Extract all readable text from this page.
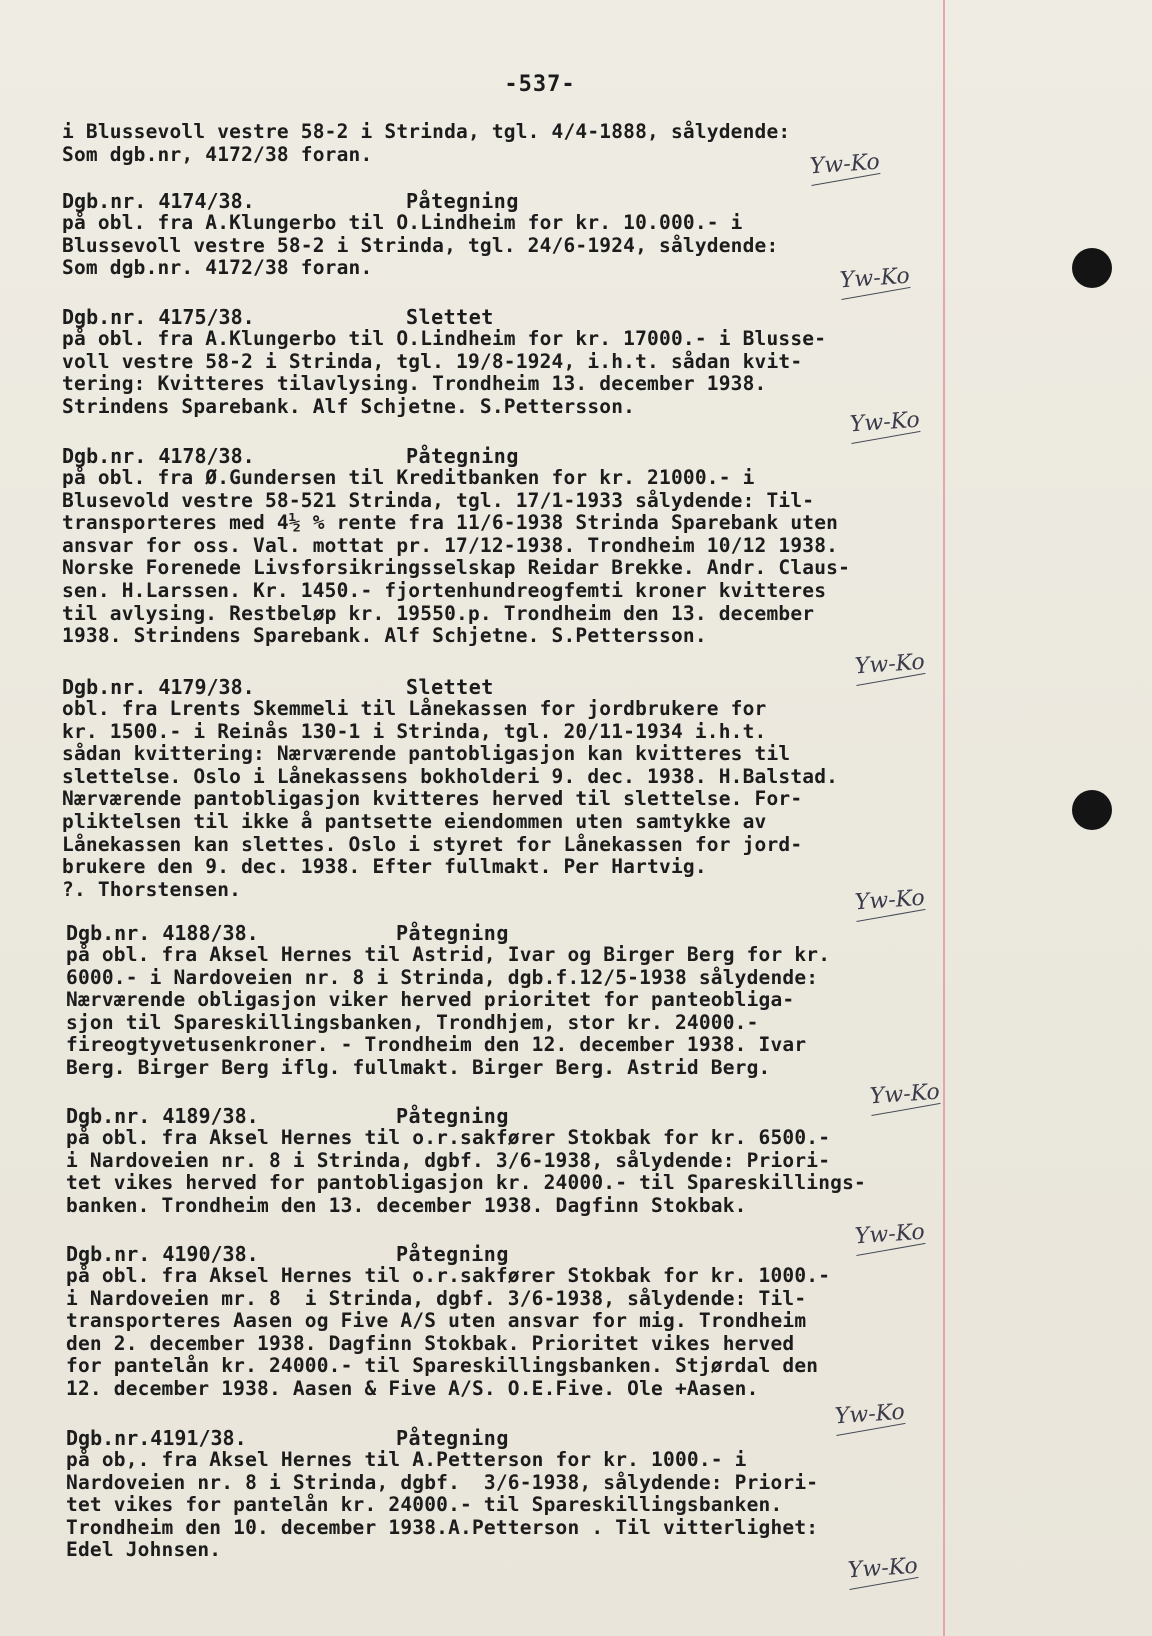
-537-
i Blussevoll vestre 58-2 i Strinda, tgl. 4/4-1888, sålydende:
Som dgb.nr, 4172/38 foran.	Yw-Ko
Dgb.nr. 4174/38.	Påtegning
på obl. fra A.Klungerbo til O.Lindheim for kr. 10.000.- i
Blussevoll vestre 58-2 i Strinda, tgl. 24/6-1924, sålydende:
Som dgb.nr. 4172/38 foran.	Yw-Ko
Dgb.nr. 4175/38.	Slettet
på obl. fra A.Klungerbo til O.Lindheim for kr. 17000.- i Blusse-
voll vestre 58-2 i Strinda, tgl. 19/8-1924, i.h.t. sådan kvit-
tering: Kvitteres tilavlysing. Trondheim 13. december 1938.
Strindens Sparebank. Alf Schjetne. S.Pettersson.
Yw-Ko
Dgb.nr. 4178/38.	Påtegning
på obl. fra Ø.Gundersen til Kreditbanken for kr. 21000.- i
Blusevold vestre 58-521 Strinda, tgl. 17/1-1933 sålydende: Til-
transporteres med 4½ % rente fra 11/6-1938 Strinda Sparebank uten
ansvar for oss. Val. mottat pr. 17/12-1938. Trondheim 10/12 1938.
Norske Forenede Livsforsikringsselskap Reidar Brekke. Andr. Claus-
sen. H.Larssen. Kr. 1450.- fjortenhundreogfemti kroner kvitteres
til avlysing. Restbeløp kr. 19550.p. Trondheim den 13. december
1938. Strindens Sparebank. Alf Schjetne. S.Pettersson.
Yw-Ko
Dgb.nr. 4179/38.	Slettet
obl. fra Lrents Skemmeli til Lånekassen for jordbrukere for
kr. 1500.- i Reinås 130-1 i Strinda, tgl. 20/11-1934 i.h.t.
sådan kvittering: Nærværende pantobligasjon kan kvitteres til
slettelse. Oslo i Lånekassens bokholderi 9. dec. 1938. H.Balstad.
Nærværende pantobligasjon kvitteres herved til slettelse. For-
pliktelsen til ikke å pantsette eiendommen uten samtykke av
Lånekassen kan slettes. Oslo i styret for Lånekassen for jord-
brukere den 9. dec. 1938. Efter fullmakt. Per Hartvig.
?. Thorstensen.	Yw-Ko
Dgb.nr. 4188/38.	Påtegning
på obl. fra Aksel Hernes til Astrid, Ivar og Birger Berg for kr.
6000.- i Nardoveien nr. 8 i Strinda, dgb.f.12/5-1938 sålydende:
Nærværende obligasjon viker herved prioritet for panteobliga-
sjon til Spareskillingsbanken, Trondhjem, stor kr. 24000.-
fireogtyvetusenkroner. - Trondheim den 12. december 1938. Ivar
Berg. Birger Berg iflg. fullmakt. Birger Berg. Astrid Berg.
Yw-Ko
Dgb.nr. 4189/38.	Påtegning
på obl. fra Aksel Hernes til o.r.sakfører Stokbak for kr. 6500.-
i Nardoveien nr. 8 i Strinda, dgbf. 3/6-1938, sålydende: Priori-
tet vikes herved for pantobligasjon kr. 24000.- til Spareskillings-
banken. Trondheim den 13. december 1938. Dagfinn Stokbak.
Yw-Ko
Dgb.nr. 4190/38.	Påtegning
på obl. fra Aksel Hernes til o.r.sakfører Stokbak for kr. 1000.-
i Nardoveien mr. 8  i Strinda, dgbf. 3/6-1938, sålydende: Til-
transporteres Aasen og Five A/S uten ansvar for mig. Trondheim
den 2. december 1938. Dagfinn Stokbak. Prioritet vikes herved
for pantelån kr. 24000.- til Spareskillingsbanken. Stjørdal den
12. december 1938. Aasen & Five A/S. O.E.Five. Ole +Aasen.
Yw-Ko
Dgb.nr.4191/38.	Påtegning
på ob,. fra Aksel Hernes til A.Petterson for kr. 1000.- i
Nardoveien nr. 8 i Strinda, dgbf.  3/6-1938, sålydende: Priori-
tet vikes for pantelån kr. 24000.- til Spareskillingsbanken.
Trondheim den 10. december 1938.A.Petterson . Til vitterlighet:
Edel Johnsen.
Yw-Ko
